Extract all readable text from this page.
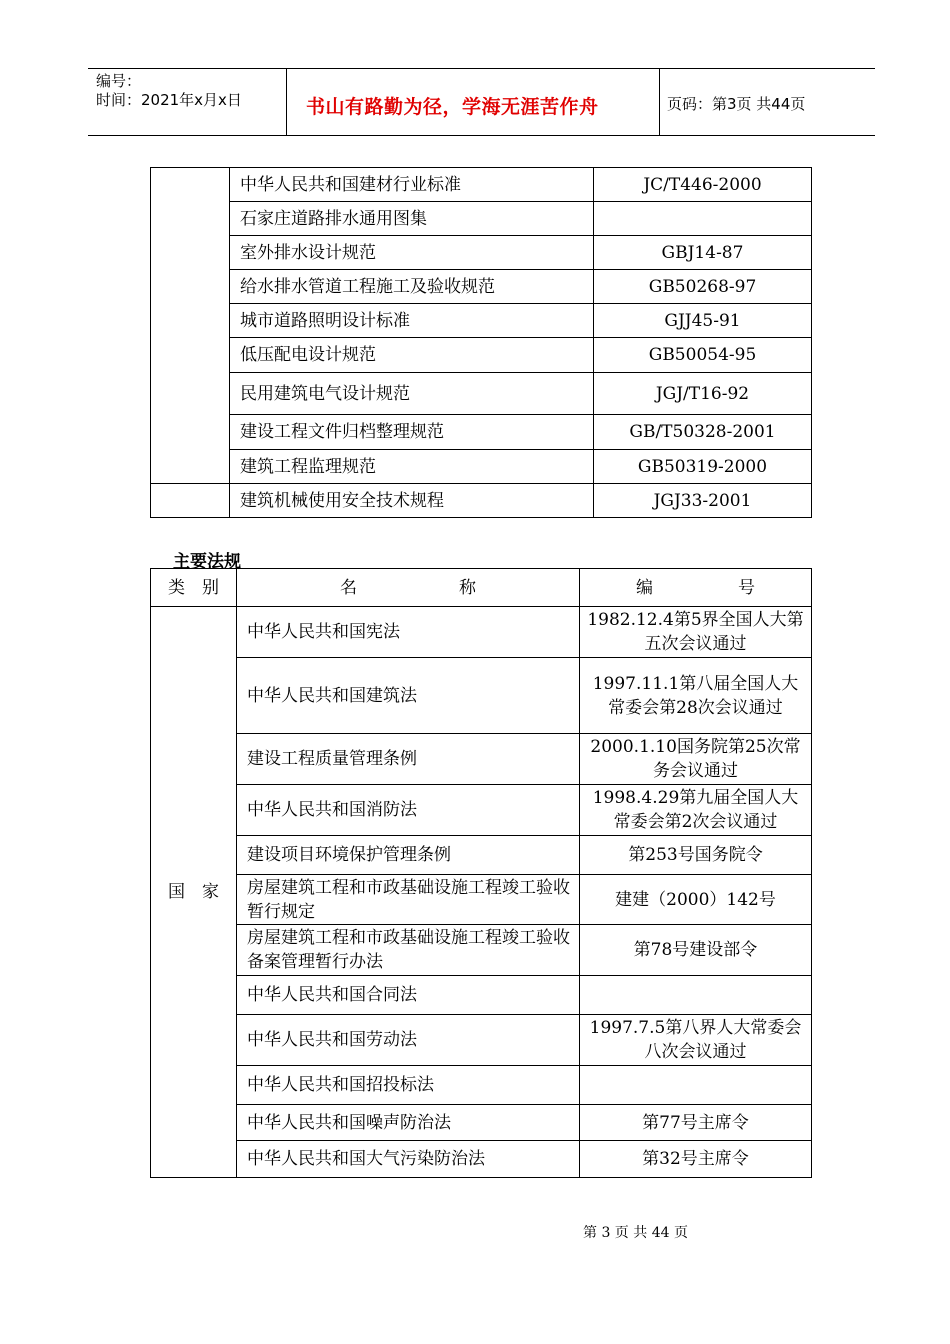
编号：
时间：2021年x月x日	书山有路勤为径，学海无涯苦作舟	页码：第3页 共44页
	中华人民共和国建材行业标准	JC/T446-2000
	石家庄道路排水通用图集	
	室外排水设计规范	GBJ14-87
	给水排水管道工程施工及验收规范	GB50268-97
	城市道路照明设计标准	GJJ45-91
	低压配电设计规范	GB50054-95
	民用建筑电气设计规范	JGJ/T16-92
	建设工程文件归档整理规范	GB/T50328-2001
	建筑工程监理规范	GB50319-2000
	建筑机械使用安全技术规程	JGJ33-2001
主要法规
类　别	名　　　　　　称	编　　　　　号
国　家	中华人民共和国宪法	1982.12.4第5界全国人大第五次会议通过
	中华人民共和国建筑法	1997.11.1第八届全国人大常委会第28次会议通过
	建设工程质量管理条例	2000.1.10国务院第25次常务会议通过
	中华人民共和国消防法	1998.4.29第九届全国人大常委会第2次会议通过
	建设项目环境保护管理条例	第253号国务院令
	房屋建筑工程和市政基础设施工程竣工验收暂行规定	建建（2000）142号
	房屋建筑工程和市政基础设施工程竣工验收备案管理暂行办法	第78号建设部令
	中华人民共和国合同法	
	中华人民共和国劳动法	1997.7.5第八界人大常委会八次会议通过
	中华人民共和国招投标法	
	中华人民共和国噪声防治法	第77号主席令
	中华人民共和国大气污染防治法	第32号主席令
第 3 页 共 44 页
